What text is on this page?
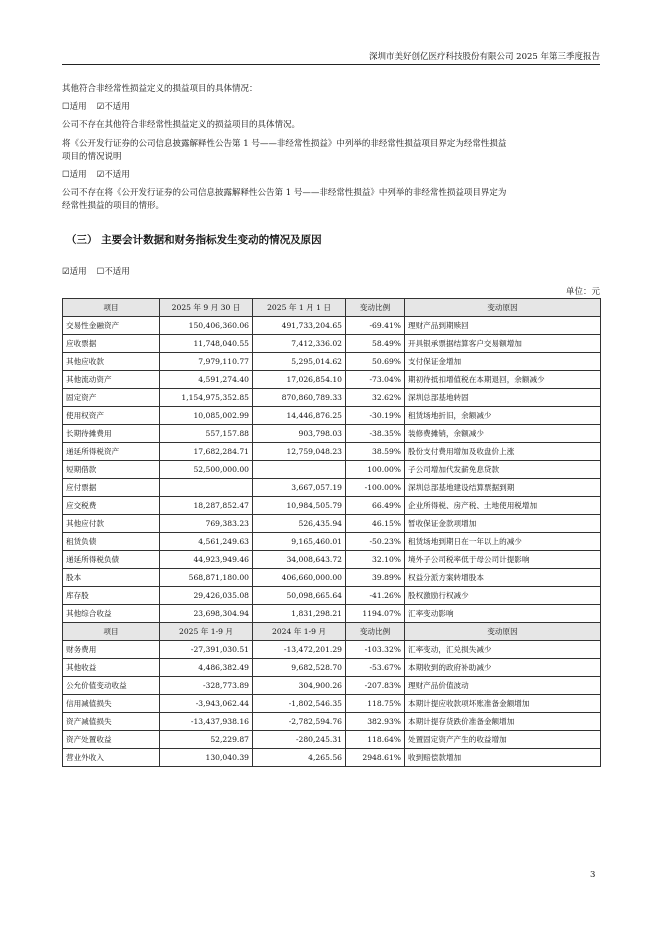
深圳市美好创亿医疗科技股份有限公司 2025 年第三季度报告
其他符合非经常性损益定义的损益项目的具体情况：
☐适用 ☑不适用
公司不存在其他符合非经常性损益定义的损益项目的具体情况。
将《公开发行证券的公司信息披露解释性公告第 1 号——非经常性损益》中列举的非经常性损益项目界定为经常性损益
项目的情况说明
☐适用 ☑不适用
公司不存在将《公开发行证券的公司信息披露解释性公告第 1 号——非经常性损益》中列举的非经常性损益项目界定为
经常性损益的项目的情形。
（三） 主要会计数据和财务指标发生变动的情况及原因
☑适用 ☐不适用
单位：元
项目	2025 年 9 月 30 日	2025 年 1 月 1 日	变动比例	变动原因
交易性金融资产	150,406,360.06	491,733,204.65	-69.41%	理财产品到期赎回
应收票据	11,748,040.55	7,412,336.02	58.49%	开具银承票据结算客户交易额增加
其他应收款	7,979,110.77	5,295,014.62	50.69%	支付保证金增加
其他流动资产	4,591,274.40	17,026,854.10	-73.04%	期初待抵扣增值税在本期退回，余额减少
固定资产	1,154,975,352.85	870,860,789.33	32.62%	深圳总部基地转固
使用权资产	10,085,002.99	14,446,876.25	-30.19%	租赁场地折旧，余额减少
长期待摊费用	557,157.88	903,798.03	-38.35%	装修费摊销，余额减少
递延所得税资产	17,682,284.71	12,759,048.23	38.59%	股份支付费用增加及收盘价上涨
短期借款	52,500,000.00		100.00%	子公司增加代发薪免息贷款
应付票据		3,667,057.19	-100.00%	深圳总部基地建设结算票据到期
应交税费	18,287,852.47	10,984,505.79	66.49%	企业所得税、房产税、土地使用税增加
其他应付款	769,383.23	526,435.94	46.15%	暂收保证金款项增加
租赁负债	4,561,249.63	9,165,460.01	-50.23%	租赁场地到期日在一年以上的减少
递延所得税负债	44,923,949.46	34,008,643.72	32.10%	境外子公司税率低于母公司计提影响
股本	568,871,180.00	406,660,000.00	39.89%	权益分派方案转增股本
库存股	29,426,035.08	50,098,665.64	-41.26%	股权激励行权减少
其他综合收益	23,698,304.94	1,831,298.21	1194.07%	汇率变动影响
项目	2025 年 1-9 月	2024 年 1-9 月	变动比例	变动原因
财务费用	-27,391,030.51	-13,472,201.29	-103.32%	汇率变动，汇兑损失减少
其他收益	4,486,382.49	9,682,528.70	-53.67%	本期收到的政府补助减少
公允价值变动收益	-328,773.89	304,900.26	-207.83%	理财产品价值波动
信用减值损失	-3,943,062.44	-1,802,546.35	118.75%	本期计提应收款项坏账准备金额增加
资产减值损失	-13,437,938.16	-2,782,594.76	382.93%	本期计提存货跌价准备金额增加
资产处置收益	52,229.87	-280,245.31	118.64%	处置固定资产产生的收益增加
营业外收入	130,040.39	4,265.56	2948.61%	收到赔偿款增加
3
